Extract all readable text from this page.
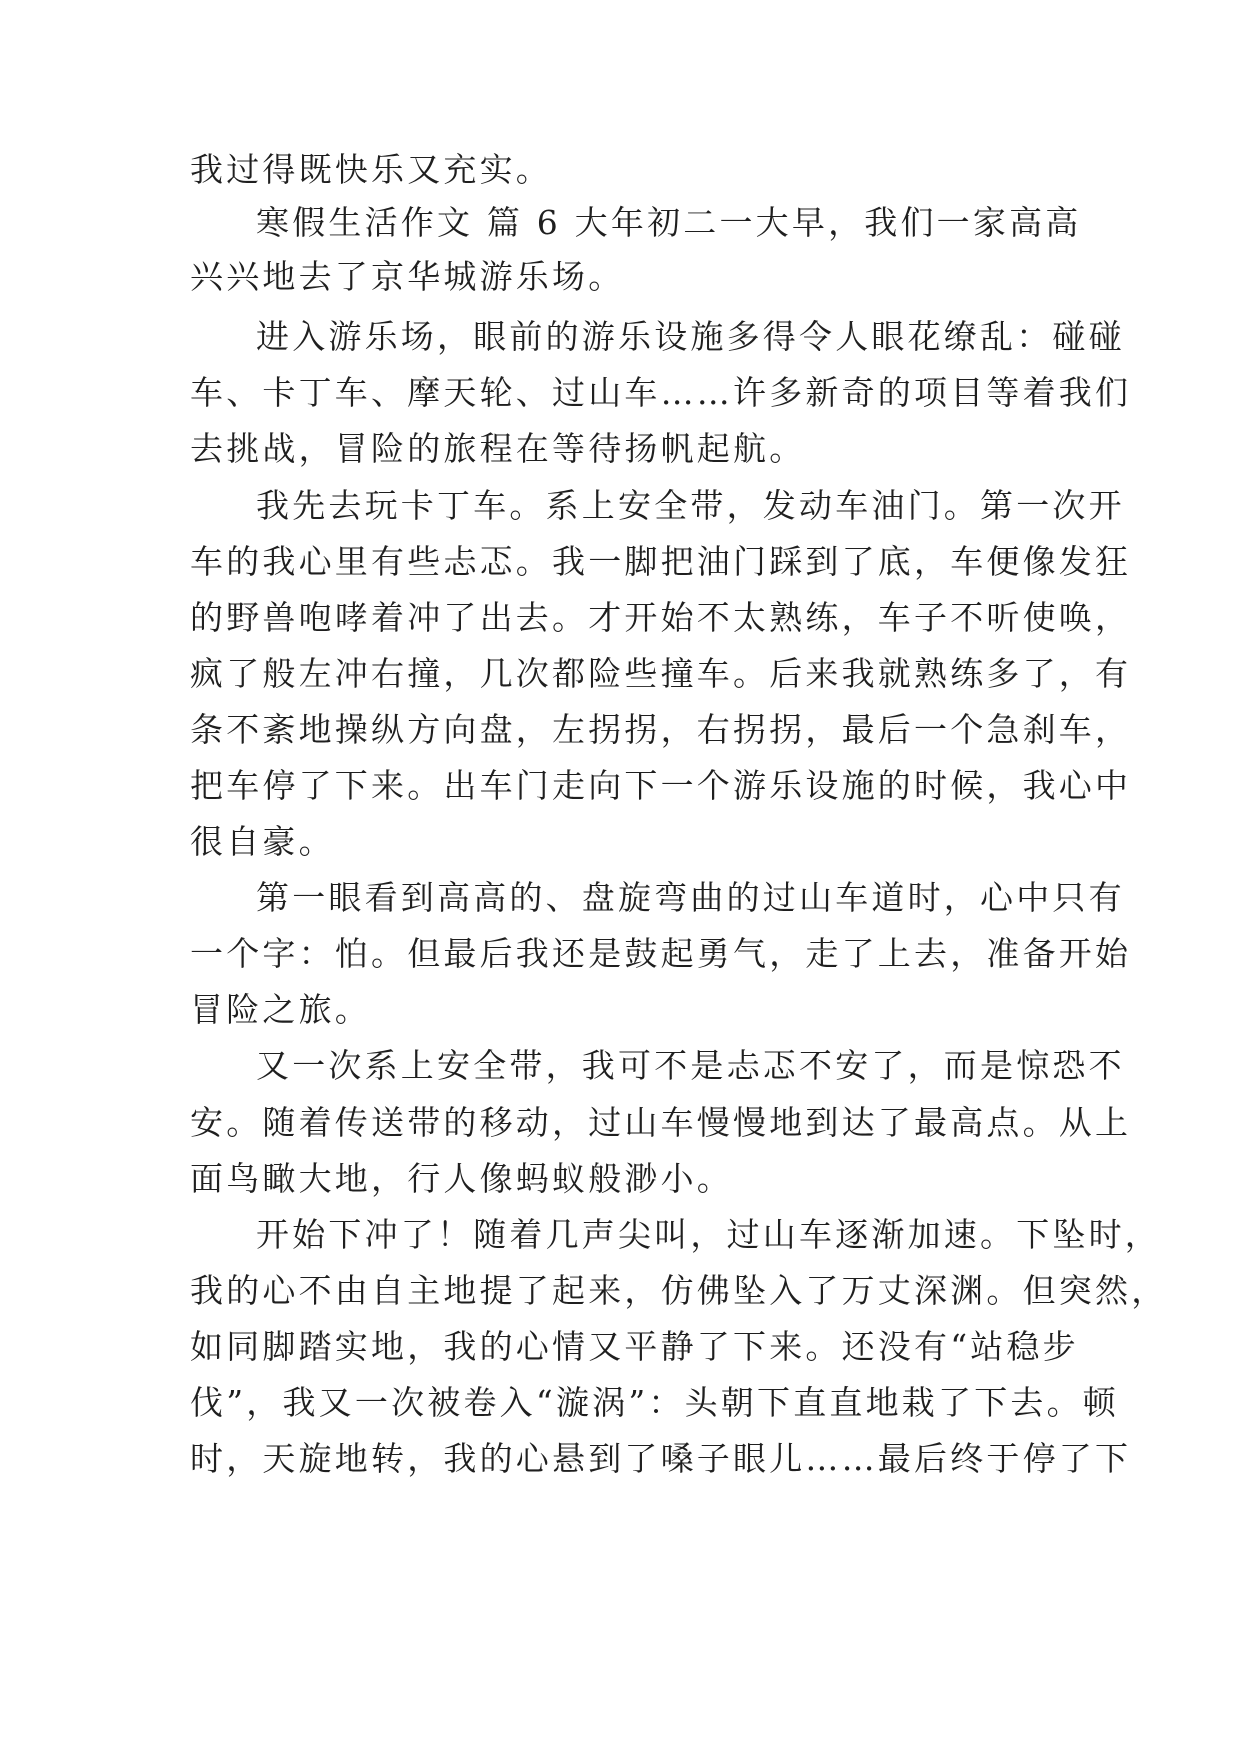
我过得既快乐又充实。
寒假生活作文 篇 6 大年初二一大早，我们一家高高
兴兴地去了京华城游乐场。
进入游乐场，眼前的游乐设施多得令人眼花缭乱：碰碰
车、卡丁车、摩天轮、过山车……许多新奇的项目等着我们
去挑战，冒险的旅程在等待扬帆起航。
我先去玩卡丁车。系上安全带，发动车油门。第一次开
车的我心里有些忐忑。我一脚把油门踩到了底，车便像发狂
的野兽咆哮着冲了出去。才开始不太熟练，车子不听使唤，
疯了般左冲右撞，几次都险些撞车。后来我就熟练多了，有
条不紊地操纵方向盘，左拐拐，右拐拐，最后一个急刹车，
把车停了下来。出车门走向下一个游乐设施的时候，我心中
很自豪。
第一眼看到高高的、盘旋弯曲的过山车道时，心中只有
一个字：怕。但最后我还是鼓起勇气，走了上去，准备开始
冒险之旅。
又一次系上安全带，我可不是忐忑不安了，而是惊恐不
安。随着传送带的移动，过山车慢慢地到达了最高点。从上
面鸟瞰大地，行人像蚂蚁般渺小。
开始下冲了！随着几声尖叫，过山车逐渐加速。下坠时，
我的心不由自主地提了起来，仿佛坠入了万丈深渊。但突然，
如同脚踏实地，我的心情又平静了下来。还没有“站稳步
伐”，我又一次被卷入“漩涡”：头朝下直直地栽了下去。顿
时，天旋地转，我的心悬到了嗓子眼儿……最后终于停了下
